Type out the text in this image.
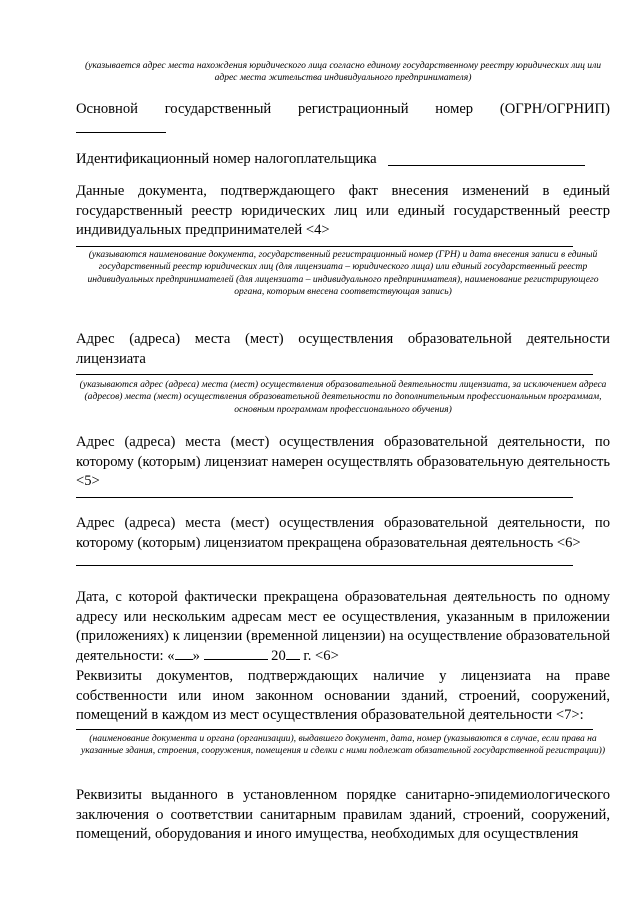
(указывается адрес места нахождения юридического лица согласно единому государственному реестру юридических лиц или адрес места жительства индивидуального предпринимателя)
Основной государственный регистрационный номер (ОГРН/ОГРНИП)
Идентификационный номер налогоплательщика
Данные документа, подтверждающего факт внесения изменений в единый государственный реестр юридических лиц или единый государственный реестр индивидуальных предпринимателей <4>
(указываются наименование документа, государственный регистрационный номер (ГРН) и дата внесения записи в единый государственный реестр юридических лиц (для лицензиата – юридического лица) или единый государственный реестр индивидуальных предпринимателей (для лицензиата – индивидуального предпринимателя), наименование регистрирующего органа, которым внесена соответствующая запись)
Адрес (адреса) места (мест) осуществления образовательной деятельности лицензиата
(указываются адрес (адреса) места (мест) осуществления образовательной деятельности лицензиата, за исключением адреса (адресов) места (мест) осуществления образовательной деятельности по дополнительным профессиональным программам, основным программам профессионального обучения)
Адрес (адреса) места (мест) осуществления образовательной деятельности, по которому (которым) лицензиат намерен осуществлять образовательную деятельность <5>
Адрес (адреса) места (мест) осуществления образовательной деятельности, по которому (которым) лицензиатом прекращена образовательная деятельность <6>
Дата, с которой фактически прекращена образовательная деятельность по одному адресу или нескольким адресам мест ее осуществления, указанным в приложении (приложениях) к лицензии (временной лицензии) на осуществление образовательной деятельности: « »	20 г. <6>
Реквизиты документов, подтверждающих наличие у лицензиата на праве собственности или ином законном основании зданий, строений, сооружений, помещений в каждом из мест осуществления образовательной деятельности <7>:
(наименование документа и органа (организации), выдавшего документ, дата, номер (указываются в случае, если права на указанные здания, строения, сооружения, помещения и сделки с ними подлежат обязательной государственной регистрации))
Реквизиты выданного в установленном порядке санитарно-эпидемиологического заключения о соответствии санитарным правилам зданий, строений, сооружений, помещений, оборудования и иного имущества, необходимых для осуществления
